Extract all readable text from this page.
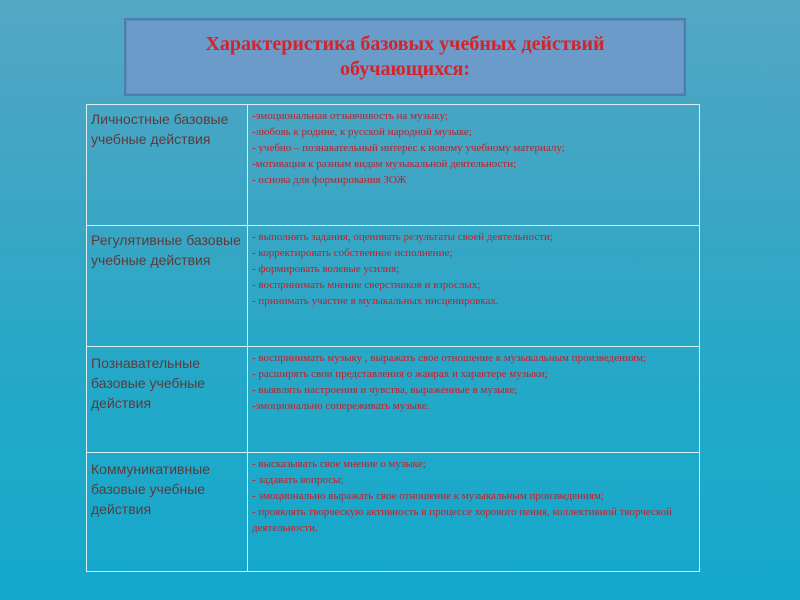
Характеристика базовых учебных действий обучающихся:
Личностные базовые учебные действия	-эмоциональная отзывчивость на музыку;
-любовь к родине, к русской народной музыке;
- учебно – познавательный интерес к новому учебному материалу;
-мотивация к разным видам музыкальной деятельности;
- основа для формирования ЗОЖ

Регулятивные базовые учебные действия	- выполнять задания, оценивать результаты своей деятельности;
- корректировать собственное исполнение;
- формировать волевые усилия;
- воспринимать мнение сверстников и взрослых;
- принимать участие в музыкальных инсценировках.

Познавательные базовые учебные действия	- воспринимать музыку , выражать свое отношение к музыкальным произведениям;
- расширять свои представления о жанрах и характере музыки;
- выявлять настроения и чувства, выраженные в музыке;
-эмоционально сопереживать музыке.

Коммуникативные базовые учебные действия	- высказывать свое мнение о музыке;
- задавать вопросы;
- эмоционально выражать свое отношение к музыкальным произведениям;
- проявлять творческую активность в процессе хорового пения, коллективной творческой деятельности.
